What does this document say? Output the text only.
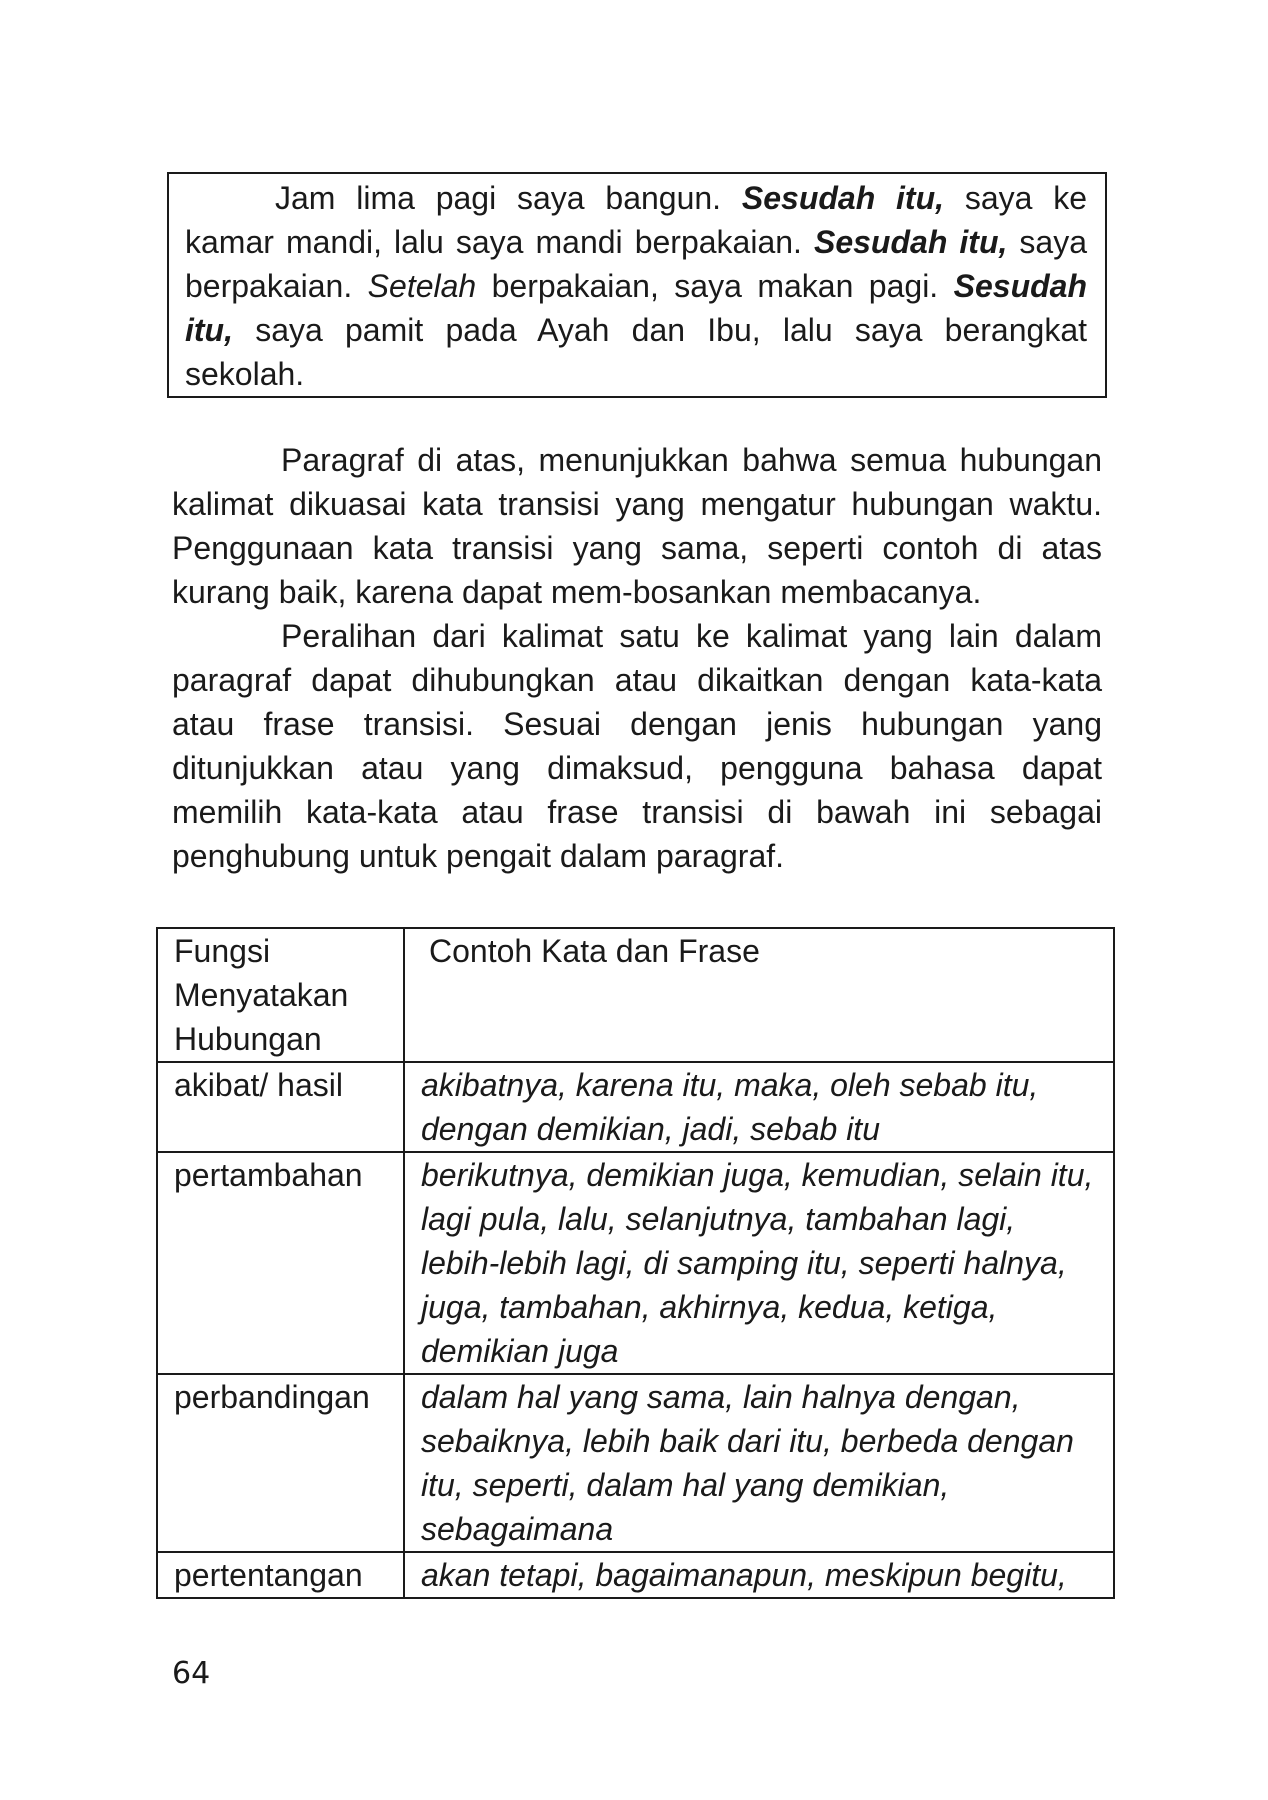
Jam lima pagi saya bangun. Sesudah itu, saya ke kamar mandi, lalu saya mandi berpakaian. Sesudah itu, saya berpakaian. Setelah berpakaian, saya makan pagi. Sesudah itu, saya pamit pada Ayah dan Ibu, lalu saya berangkat sekolah.

Paragraf di atas, menunjukkan bahwa semua hubungan kalimat dikuasai kata transisi yang mengatur hubungan waktu. Penggunaan kata transisi yang sama, seperti contoh di atas kurang baik, karena dapat mem-bosankan membacanya.

Peralihan dari kalimat satu ke kalimat yang lain dalam paragraf dapat dihubungkan atau dikaitkan dengan kata-kata atau frase transisi. Sesuai dengan jenis hubungan yang ditunjukkan atau yang dimaksud, pengguna bahasa dapat memilih kata-kata atau frase transisi di bawah ini sebagai penghubung untuk pengait dalam paragraf.

Fungsi Menyatakan Hubungan	Contoh Kata dan Frase
akibat/ hasil	akibatnya, karena itu, maka, oleh sebab itu, dengan demikian, jadi, sebab itu
pertambahan	berikutnya, demikian juga, kemudian, selain itu, lagi pula, lalu, selanjutnya, tambahan lagi, lebih-lebih lagi, di samping itu, seperti halnya, juga, tambahan, akhirnya, kedua, ketiga, demikian juga
perbandingan	dalam hal yang sama, lain halnya dengan, sebaiknya, lebih baik dari itu, berbeda dengan itu, seperti, dalam hal yang demikian, sebagaimana
pertentangan	akan tetapi, bagaimanapun, meskipun begitu,
64
